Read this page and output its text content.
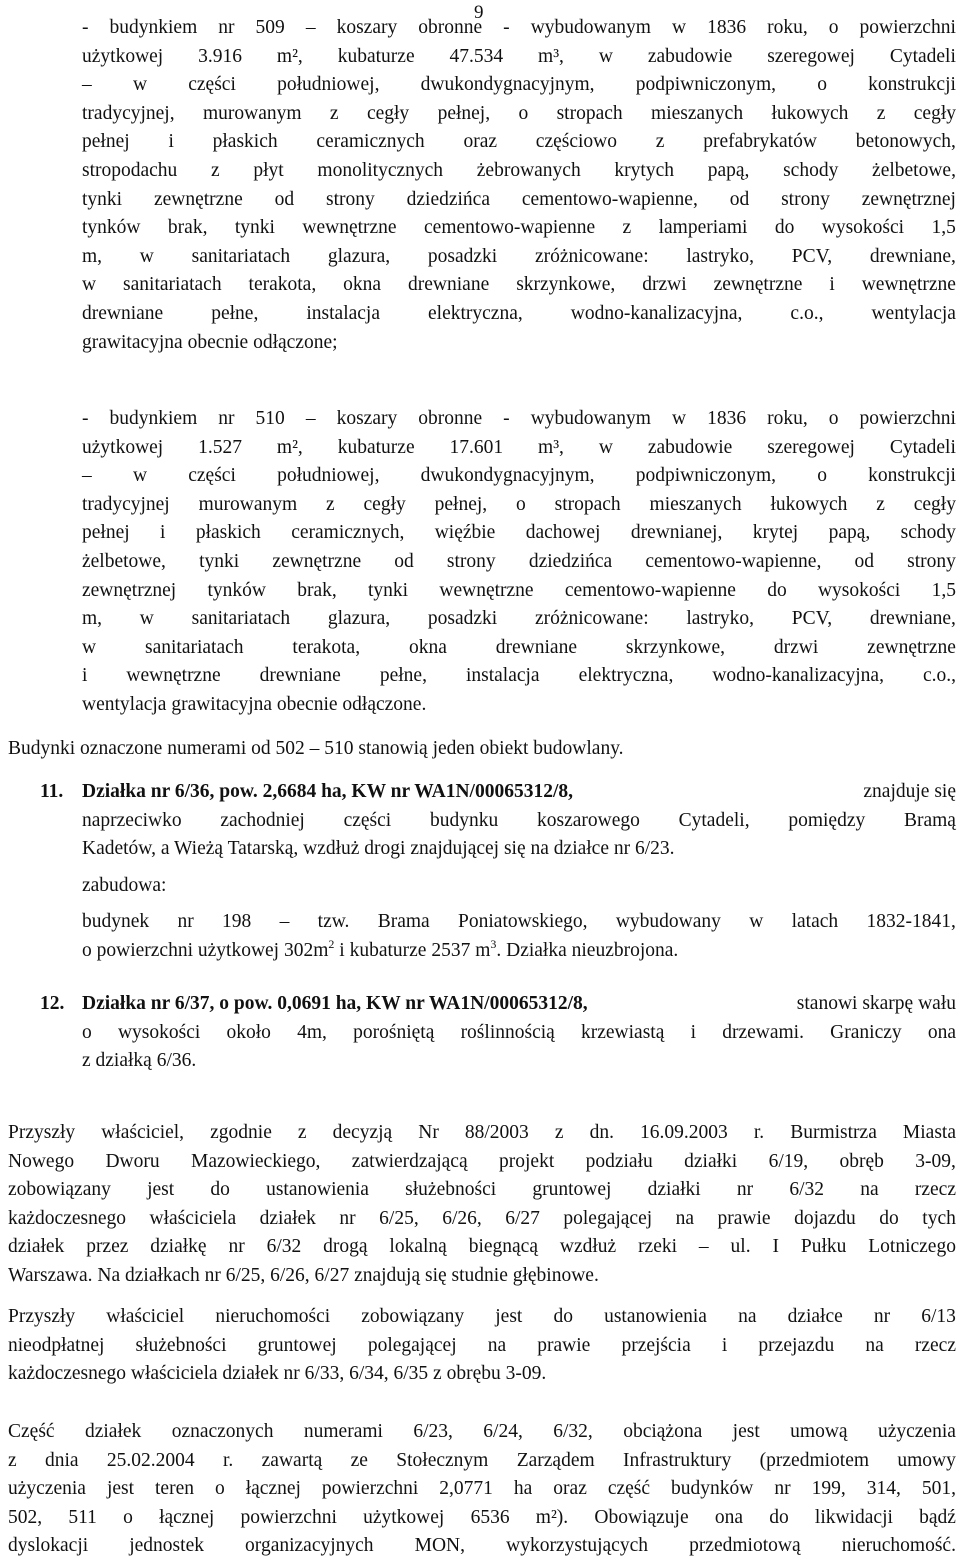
9
- budynkiem nr 509 – koszary obronne - wybudowanym w 1836 roku, o powierzchni
użytkowej 3.916 m², kubaturze 47.534 m³, w zabudowie szeregowej Cytadeli
– w części południowej, dwukondygnacyjnym, podpiwniczonym, o konstrukcji
tradycyjnej, murowanym z cegły pełnej, o stropach mieszanych łukowych z cegły
pełnej i płaskich ceramicznych oraz częściowo z prefabrykatów betonowych,
stropodachu z płyt monolitycznych żebrowanych krytych papą, schody żelbetowe,
tynki zewnętrzne od strony dziedzińca cementowo-wapienne, od strony zewnętrznej
tynków brak, tynki wewnętrzne cementowo-wapienne z lamperiami do wysokości 1,5
m, w sanitariatach glazura, posadzki zróżnicowane: lastryko, PCV, drewniane,
w sanitariatach terakota, okna drewniane skrzynkowe, drzwi zewnętrzne i wewnętrzne
drewniane pełne, instalacja elektryczna, wodno-kanalizacyjna, c.o., wentylacja
grawitacyjna obecnie odłączone;
- budynkiem nr 510 – koszary obronne - wybudowanym w 1836 roku, o powierzchni
użytkowej 1.527 m², kubaturze 17.601 m³, w zabudowie szeregowej Cytadeli
– w części południowej, dwukondygnacyjnym, podpiwniczonym, o konstrukcji
tradycyjnej murowanym z cegły pełnej, o stropach mieszanych łukowych z cegły
pełnej i płaskich ceramicznych, więźbie dachowej drewnianej, krytej papą, schody
żelbetowe, tynki zewnętrzne od strony dziedzińca cementowo-wapienne, od strony
zewnętrznej tynków brak, tynki wewnętrzne cementowo-wapienne do wysokości 1,5
m, w sanitariatach glazura, posadzki zróżnicowane: lastryko, PCV, drewniane,
w	sanitariatach	terakota,	okna	drewniane	skrzynkowe,	drzwi	zewnętrzne
i wewnętrzne drewniane pełne, instalacja elektryczna, wodno-kanalizacyjna, c.o.,
wentylacja grawitacyjna obecnie odłączone.
Budynki oznaczone numerami od 502 – 510 stanowią jeden obiekt budowlany.
11. Działka nr 6/36, pow. 2,6684 ha, KW nr WA1N/00065312/8,	znajduje się
naprzeciwko zachodniej części budynku koszarowego Cytadeli, pomiędzy Bramą
Kadetów, a Wieżą Tatarską, wzdłuż drogi znajdującej się na działce nr 6/23.
zabudowa:
budynek nr 198 – tzw. Brama Poniatowskiego, wybudowany w latach 1832-1841,
o powierzchni użytkowej $302m^2$ i kubaturze 2537 $m^3$. Działka nieuzbrojona.
12. Działka nr 6/37, o pow. 0,0691 ha, KW nr WA1N/00065312/8,	stanowi skarpę wału
o wysokości około 4m, porośniętą roślinnością krzewiastą i drzewami. Graniczy ona
z działką 6/36.
Przyszły właściciel, zgodnie z decyzją Nr 88/2003 z dn. 16.09.2003 r. Burmistrza Miasta
Nowego Dworu Mazowieckiego, zatwierdzającą projekt podziału działki 6/19, obręb 3-09,
zobowiązany jest do ustanowienia służebności gruntowej działki nr 6/32 na rzecz
każdoczesnego właściciela działek nr 6/25, 6/26, 6/27 polegającej na prawie dojazdu do tych
działek przez działkę nr 6/32 drogą lokalną biegnącą wzdłuż rzeki – ul. I Pułku Lotniczego
Warszawa. Na działkach nr 6/25, 6/26, 6/27 znajdują się studnie głębinowe.
Przyszły właściciel nieruchomości zobowiązany jest do ustanowienia na działce nr 6/13
nieodpłatnej służebności gruntowej polegającej na prawie przejścia i przejazdu na rzecz
każdoczesnego właściciela działek nr 6/33, 6/34, 6/35 z obrębu 3-09.
Część działek oznaczonych numerami 6/23, 6/24, 6/32, obciążona jest umową użyczenia
z dnia 25.02.2004 r. zawartą ze Stołecznym Zarządem Infrastruktury (przedmiotem umowy
użyczenia jest teren o łącznej powierzchni 2,0771 ha oraz część budynków nr 199, 314, 501,
502, 511 o łącznej powierzchni użytkowej 6536 m²). Obowiązuje ona do likwidacji bądź
dyslokacji jednostek organizacyjnych MON, wykorzystujących przedmiotową nieruchomość.
